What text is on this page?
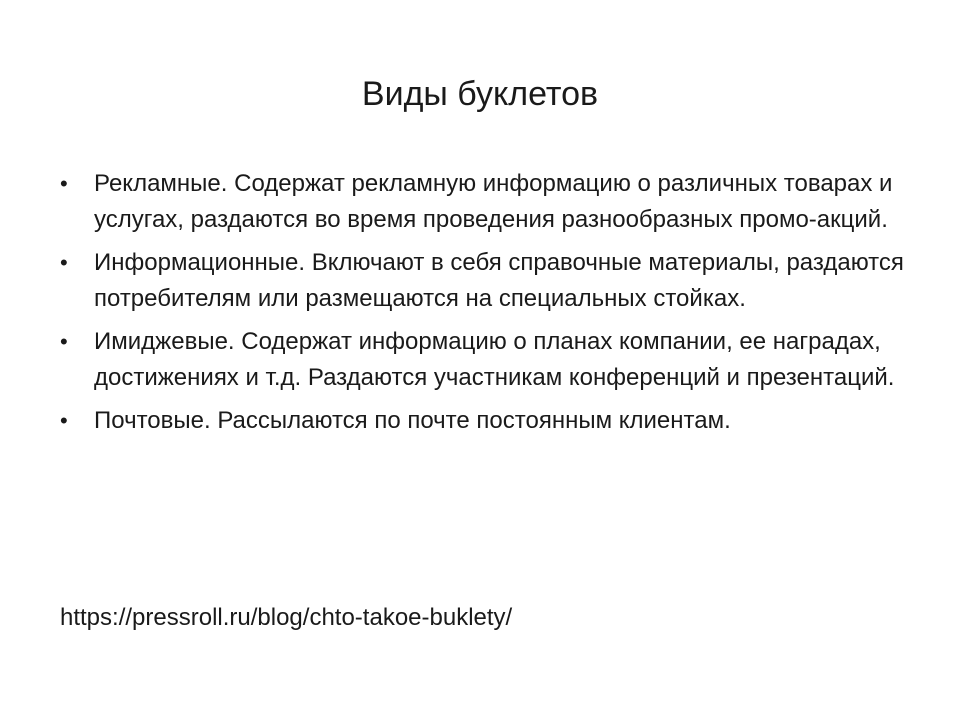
Виды буклетов
• Рекламные. Содержат рекламную информацию о различных товарах и услугах, раздаются во время проведения разнообразных промо-акций.
• Информационные. Включают в себя справочные материалы, раздаются потребителям или размещаются на специальных стойках.
• Имиджевые. Содержат информацию о планах компании, ее наградах, достижениях и т.д. Раздаются участникам конференций и презентаций.
• Почтовые. Рассылаются по почте постоянным клиентам.
https://pressroll.ru/blog/chto-takoe-buklety/
